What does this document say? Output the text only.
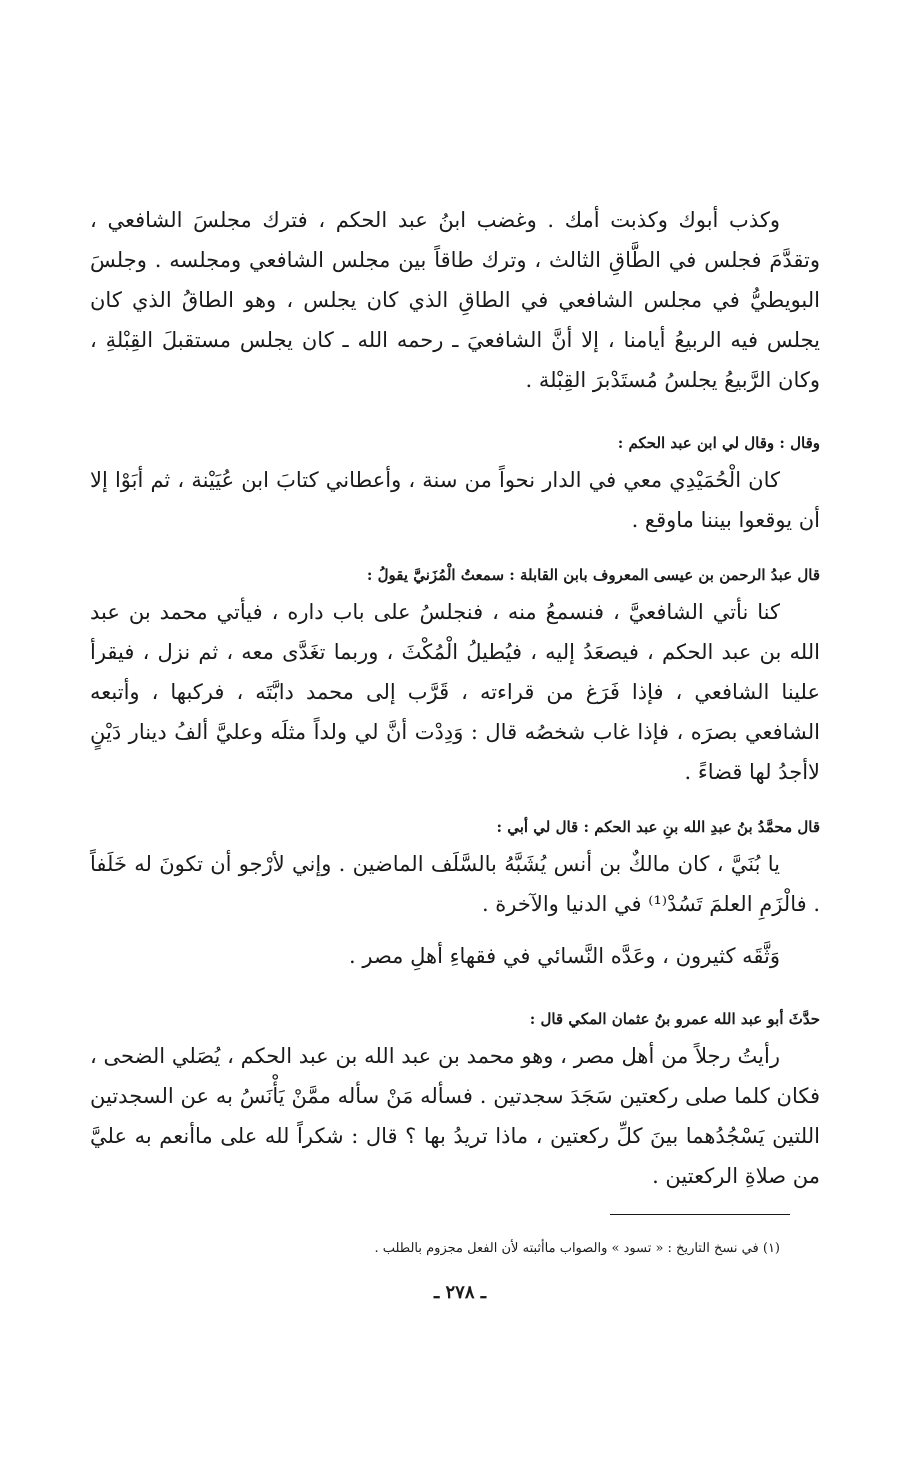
وكذب أبوك وكذبت أمك . وغضب ابنُ عبد الحكم ، فترك مجلسَ الشافعي ، وتقدَّمَ فجلس في الطَّاقِ الثالث ، وترك طاقاً بين مجلس الشافعي ومجلسه . وجلسَ البويطيُّ في مجلس الشافعي في الطاقِ الذي كان يجلس ، وهو الطاقُ الذي كان يجلس فيه الربيعُ أيامنا ، إلا أنَّ الشافعيَ ـ رحمه الله ـ كان يجلس مستقبلَ القِبْلةِ ، وكان الرَّبيعُ يجلسُ مُستَدْبرَ القِبْلة .

وقال : وقال لي ابن عبد الحكم :

كان الْحُمَيْدِي معي في الدار نحواً من سنة ، وأعطاني كتابَ ابن عُيَيْنة ، ثم أبَوْا إلا أن يوقعوا بيننا ماوقع .

قال عبدُ الرحمن بن عيسى المعروف بابن القابلة : سمعتُ الْمُزَنيَّ يقولُ :

كنا نأتي الشافعيَّ ، فنسمعُ منه ، فنجلسُ على باب داره ، فيأتي محمد بن عبد الله بن عبد الحكم ، فيصعَدُ إليه ، فيُطيلُ الْمُكْثَ ، وربما تغَدَّى معه ، ثم نزل ، فيقرأ علينا الشافعي ، فإذا فَرَغ من قراءته ، قَرَّب إلى محمد دابَّتَه ، فركبها ، وأتبعه الشافعي بصرَه ، فإذا غاب شخصُه قال : وَدِدْت أنَّ لي ولداً مثلَه وعليَّ ألفُ دينار دَيْنٍ لاأجدُ لها قضاءً .

قال محمَّدُ بنُ عبدِ الله بنِ عبد الحكم : قال لي أبي :

يا بُنَيَّ ، كان مالكٌ بن أنس يُشَبَّهُ بالسَّلَف الماضين . وإني لأرْجو أن تكونَ له خَلَفاً . فالْزَمِ العلمَ تَسُدْ⁽¹⁾ في الدنيا والآخرة .

وَثَّقَه كثيرون ، وعَدَّه النَّسائي في فقهاءِ أهلِ مصر .

حدَّثَ أبو عبد الله عمرو بنُ عثمان المكي قال :

رأيتُ رجلاً من أهل مصر ، وهو محمد بن عبد الله بن عبد الحكم ، يُصَلي الضحى ، فكان كلما صلى ركعتين سَجَدَ سجدتين . فسأله مَنْ سأله ممَّنْ يَأْنَسُ به عن السجدتين اللتين يَسْجُدُهما بينَ كلِّ ركعتين ، ماذا تريدُ بها ؟ قال : شكراً لله على ماأنعم به عليَّ من صلاةِ الركعتين .

(١) في نسخ التاريخ : « تسود » والصواب ماأثبته لأن الفعل مجزوم بالطلب .

ـ ٢٧٨ ـ
